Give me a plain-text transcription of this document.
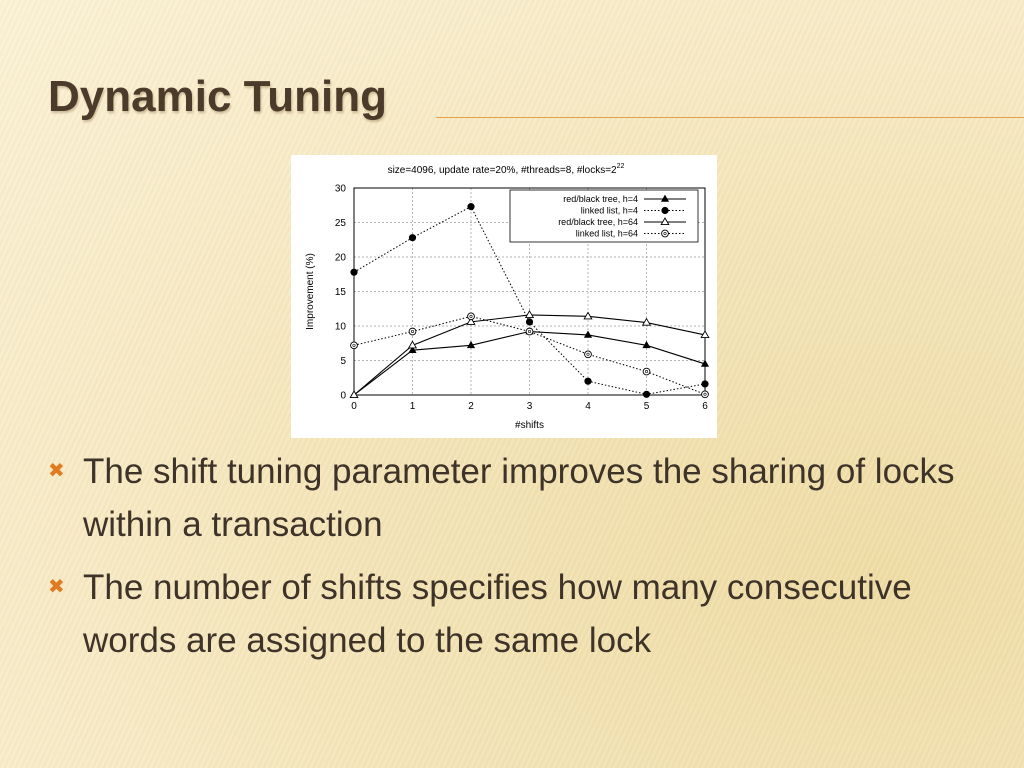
Dynamic Tuning
0
5
10
15
20
25
30
0	1	2	3	4	5	6
#shifts
Improvement (%)
size=4096, update rate=20%, #threads=8, $\#locks=2^{22}$
red/black tree, h=4
linked list, h=4
red/black tree, h=64
linked list, h=64
✖ The shift tuning parameter improves the sharing of locks within a transaction
✖ The number of shifts specifies how many consecutive words are assigned to the same lock
